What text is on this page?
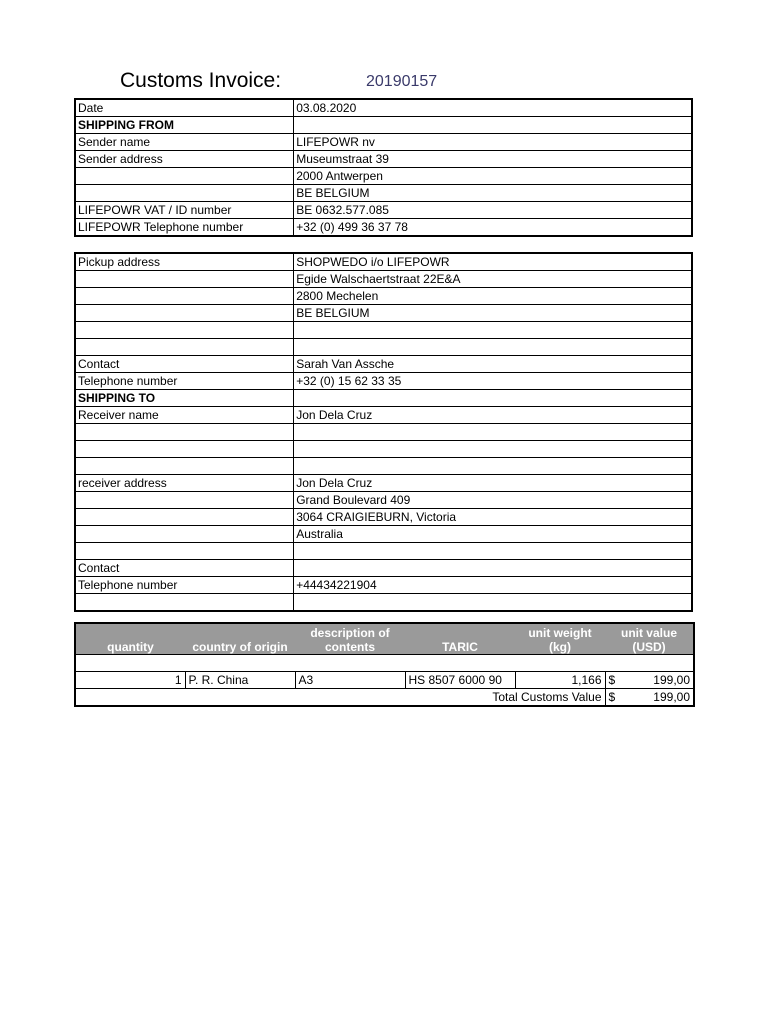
Customs Invoice:	20190157
Date	03.08.2020
SHIPPING FROM	
Sender name	LIFEPOWR nv
Sender address	Museumstraat 39
	2000 Antwerpen
	BE BELGIUM
LIFEPOWR VAT / ID number	BE 0632.577.085
LIFEPOWR Telephone number	+32 (0) 499 36 37 78
Pickup address	SHOPWEDO i/o LIFEPOWR
	Egide Walschaertstraat 22E&A
	2800 Mechelen
	BE BELGIUM

Contact	Sarah Van Assche
Telephone number	+32 (0) 15 62 33 35
SHIPPING TO	
Receiver name	Jon Dela Cruz

receiver address	Jon Dela Cruz
	Grand Boulevard 409
	3064 CRAIGIEBURN, Victoria
	Australia

Contact	
Telephone number	+44434221904

quantity	country of origin	description of contents	TARIC	unit weight (kg)	unit value (USD)

1	P. R. China	A3	HS 8507 6000 90	1,166	$ 199,00

Total Customs Value					$ 199,00
